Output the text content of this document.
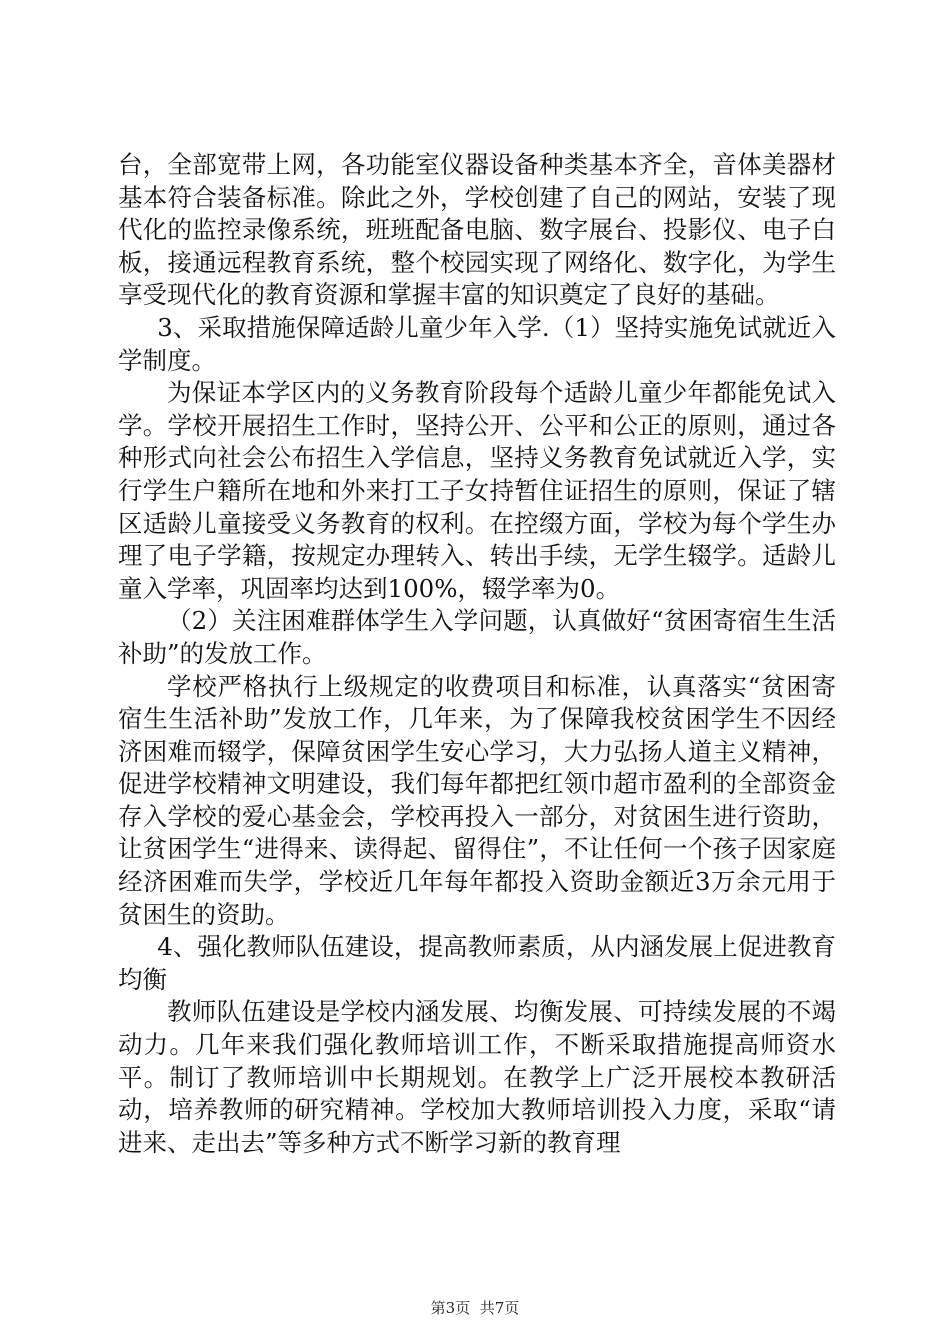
台，全部宽带上网，各功能室仪器设备种类基本齐全，音体美器材基本符合装备标准。除此之外，学校创建了自己的网站，安装了现代化的监控录像系统，班班配备电脑、数字展台、投影仪、电子白板，接通远程教育系统，整个校园实现了网络化、数字化，为学生享受现代化的教育资源和掌握丰富的知识奠定了良好的基础。

3、采取措施保障适龄儿童少年入学.（1）坚持实施免试就近入学制度。

为保证本学区内的义务教育阶段每个适龄儿童少年都能免试入学。学校开展招生工作时，坚持公开、公平和公正的原则，通过各种形式向社会公布招生入学信息，坚持义务教育免试就近入学，实行学生户籍所在地和外来打工子女持暂住证招生的原则，保证了辖区适龄儿童接受义务教育的权利。在控缀方面，学校为每个学生办理了电子学籍，按规定办理转入、转出手续，无学生辍学。适龄儿童入学率，巩固率均达到100%，辍学率为0。

（2）关注困难群体学生入学问题，认真做好“贫困寄宿生生活补助”的发放工作。

学校严格执行上级规定的收费项目和标准，认真落实“贫困寄宿生生活补助”发放工作，几年来，为了保障我校贫困学生不因经济困难而辍学，保障贫困学生安心学习，大力弘扬人道主义精神，促进学校精神文明建设，我们每年都把红领巾超市盈利的全部资金存入学校的爱心基金会，学校再投入一部分，对贫困生进行资助，让贫困学生“进得来、读得起、留得住”，不让任何一个孩子因家庭经济困难而失学，学校近几年每年都投入资助金额近3万余元用于贫困生的资助。

4、强化教师队伍建设，提高教师素质，从内涵发展上促进教育均衡

教师队伍建设是学校内涵发展、均衡发展、可持续发展的不竭动力。几年来我们强化教师培训工作，不断采取措施提高师资水平。制订了教师培训中长期规划。在教学上广泛开展校本教研活动，培养教师的研究精神。学校加大教师培训投入力度，采取“请进来、走出去”等多种方式不断学习新的教育理

第3页 共7页
